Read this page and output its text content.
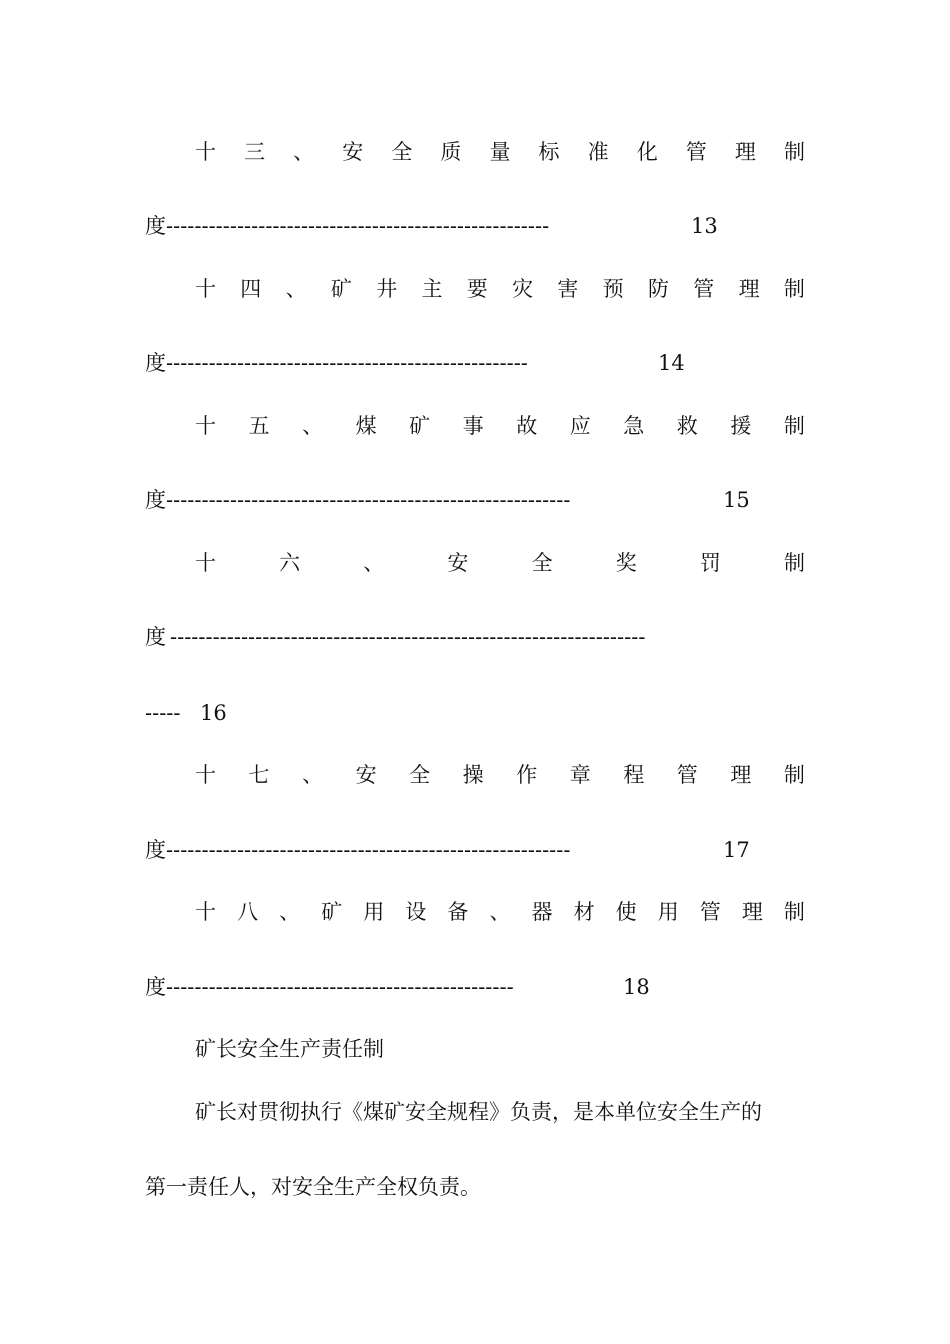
十 三 、 安 全 质 量 标 准 化 管 理 制
度 ------------------------------------------------------	13
十 四 、 矿 井 主 要 灾 害 预 防 管 理 制
度 ---------------------------------------------------	14
十 五 、 煤 矿 事 故 应 急 救 援 制
度 ---------------------------------------------------------	15
十	六	、	安	全	奖	罚	制
度 -------------------------------------------------------------------
----- 16
十 七 、 安 全 操 作 章 程 管 理 制
度 ---------------------------------------------------------	17
十 八 、 矿 用 设 备 、 器 材 使 用 管 理 制
度 -------------------------------------------------	18
矿长安全生产责任制
矿长对贯彻执行《煤矿安全规程》负责，是本单位安全生产的
第一责任人，对安全生产全权负责。
